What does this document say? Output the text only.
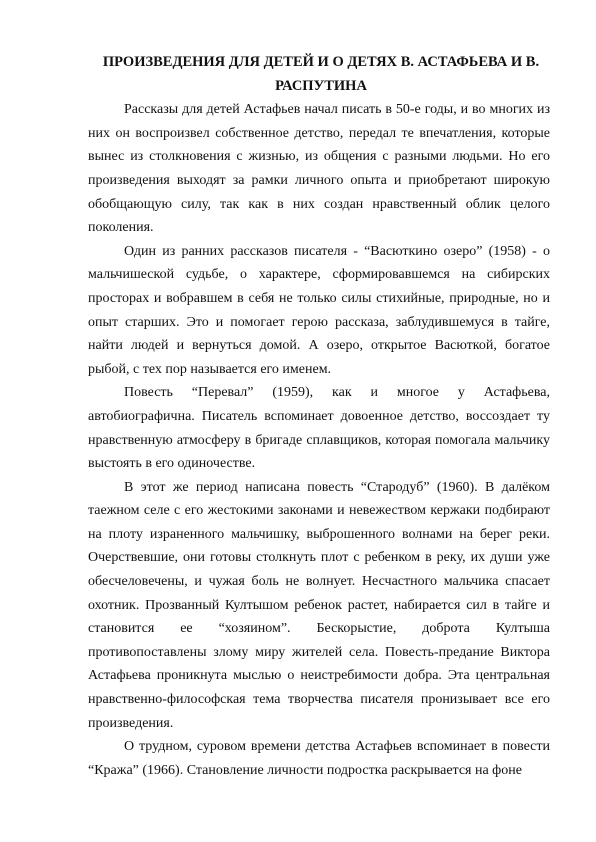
ПРОИЗВЕДЕНИЯ ДЛЯ ДЕТЕЙ И О ДЕТЯХ В. АСТАФЬЕВА И В. РАСПУТИНА

Рассказы для детей Астафьев начал писать в 50-е годы, и во многих из них он воспроизвел собственное детство, передал те впечатления, которые вынес из столкновения с жизнью, из общения с разными людьми. Но его произведения выходят за рамки личного опыта и приобретают широкую обобщающую силу, так как в них создан нравственный облик целого поколения.

Один из ранних рассказов писателя - “Васюткино озеро” (1958) - о мальчишеской судьбе, о характере, сформировавшемся на сибирских просторах и вобравшем в себя не только силы стихийные, природные, но и опыт старших. Это и помогает герою рассказа, заблудившемуся в тайге, найти людей и вернуться домой. А озеро, открытое Васюткой, богатое рыбой, с тех пор называется его именем.

Повесть “Перевал” (1959), как и многое у Астафьева, автобиографична. Писатель вспоминает довоенное детство, воссоздает ту нравственную атмосферу в бригаде сплавщиков, которая помогала мальчику выстоять в его одиночестве.

В этот же период написана повесть “Стародуб” (1960). В далёком таежном селе с его жестокими законами и невежеством кержаки подбирают на плоту израненного мальчишку, выброшенного волнами на берег реки. Очерствевшие, они готовы столкнуть плот с ребенком в реку, их души уже обесчеловечены, и чужая боль не волнует. Несчастного мальчика спасает охотник. Прозванный Култышом ребенок растет, набирается сил в тайге и становится ее “хозяином”. Бескорыстие, доброта Култыша противопоставлены злому миру жителей села. Повесть-предание Виктора Астафьева проникнута мыслью о неистребимости добра. Эта центральная нравственно-философская тема творчества писателя пронизывает все его произведения.

О трудном, суровом времени детства Астафьев вспоминает в повести “Кража” (1966). Становление личности подростка раскрывается на фоне
